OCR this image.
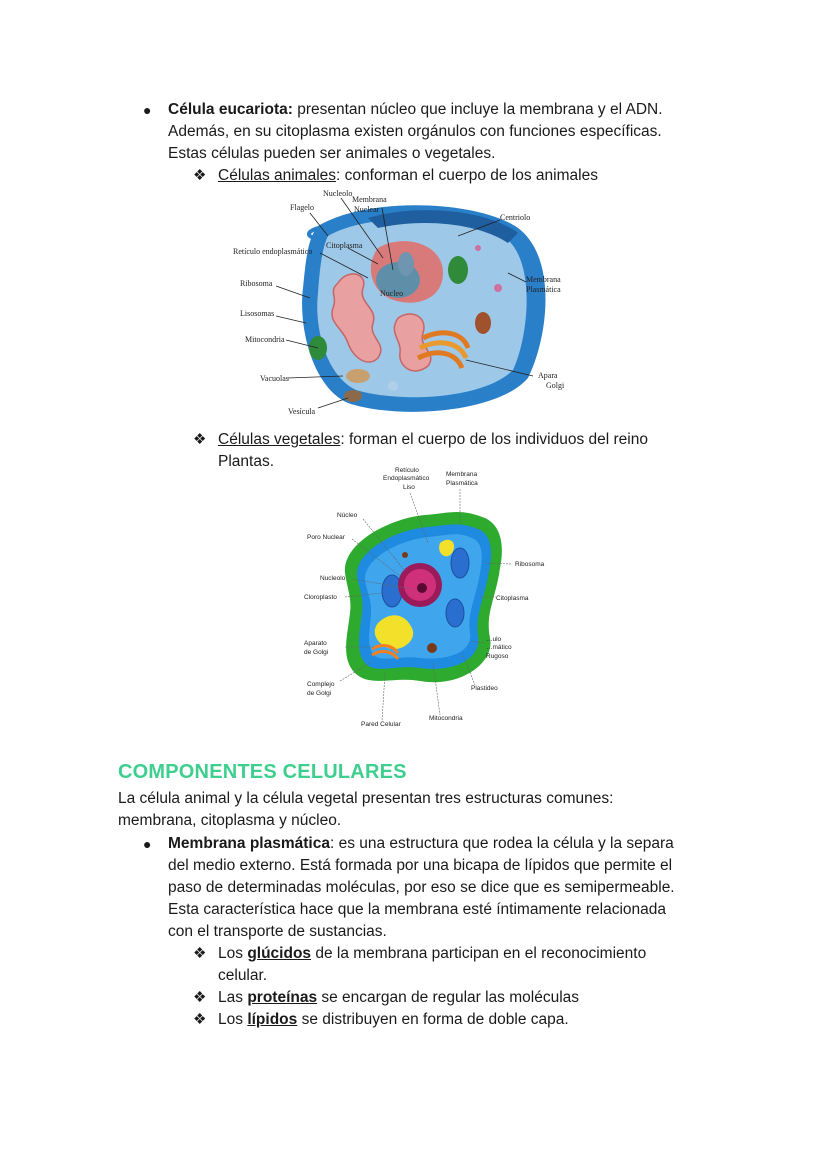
● Célula eucariota: presentan núcleo que incluye la membrana y el ADN.
Además, en su citoplasma existen orgánulos con funciones específicas.
Estas células pueden ser animales o vegetales.
❖ Células animales: conforman el cuerpo de los animales
Nucleolo
Flagelo
Membrana
Nuclear
Centriolo
Retículo endoplasmático
Citoplasma
Ribosoma
Nucleo
Membrana
Plasmática
Lisosomas
Mitocondria
Vacuolas	Apara
Golgi
Vesícula
❖ Células vegetales: forman el cuerpo de los individuos del reino
Plantas.
Retículo
Endoplasmático
Liso
Membrana
Plasmática
Núcleo
Poro Nuclear
Ribosoma
Nucleolo
Cloroplasto	Citoplasma
Aparato
de Golgi
…ulo
…mático
Rugoso
Complejo
de Golgi
Plastideo
Mitocondria
Pared Celular
COMPONENTES CELULARES
La célula animal y la célula vegetal presentan tres estructuras comunes:
membrana, citoplasma y núcleo.
● Membrana plasmática: es una estructura que rodea la célula y la separa
del medio externo. Está formada por una bicapa de lípidos que permite el
paso de determinadas moléculas, por eso se dice que es semipermeable.
Esta característica hace que la membrana esté íntimamente relacionada
con el transporte de sustancias.
❖ Los glúcidos de la membrana participan en el reconocimiento
celular.
❖ Las proteínas se encargan de regular las moléculas
❖ Los lípidos se distribuyen en forma de doble capa.
